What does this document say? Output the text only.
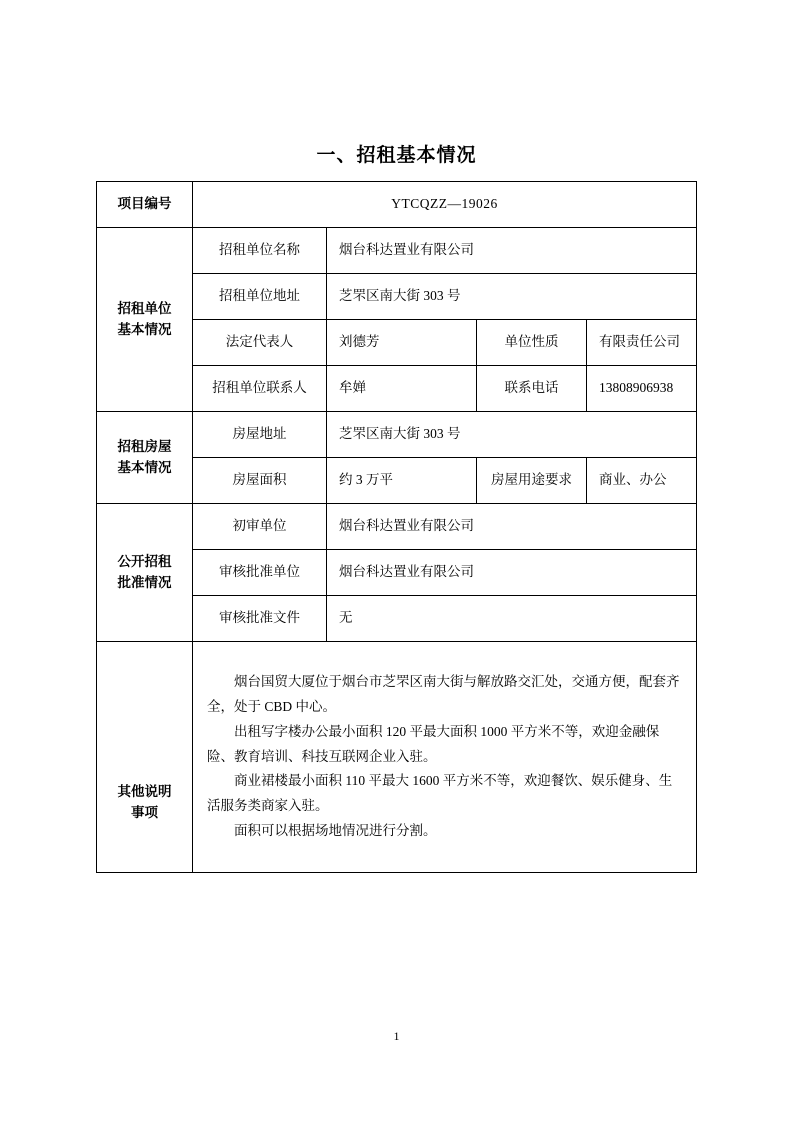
一、招租基本情况
项目编号	YTCQZZ—19026			

招租单位
基本情况	招租单位名称	烟台科达置业有限公司		

	招租单位地址	芝罘区南大街 303 号		

	法定代表人	刘德芳	单位性质	有限责任公司

	招租单位联系人	牟婵	联系电话	13808906938

招租房屋
基本情况	房屋地址	芝罘区南大街 303 号		

	房屋面积	约 3 万平	房屋用途要求	商业、办公

公开招租
批准情况	初审单位	烟台科达置业有限公司		

	审核批准单位	烟台科达置业有限公司		

	审核批准文件	无		

其他说明
事项

烟台国贸大厦位于烟台市芝罘区南大街与解放路交汇处，交通方便，配套齐全，处于 CBD 中心。

出租写字楼办公最小面积 120 平最大面积 1000 平方米不等，欢迎金融保险、教育培训、科技互联网企业入驻。

商业裙楼最小面积 110 平最大 1600 平方米不等，欢迎餐饮、娱乐健身、生活服务类商家入驻。

面积可以根据场地情况进行分割。

1
